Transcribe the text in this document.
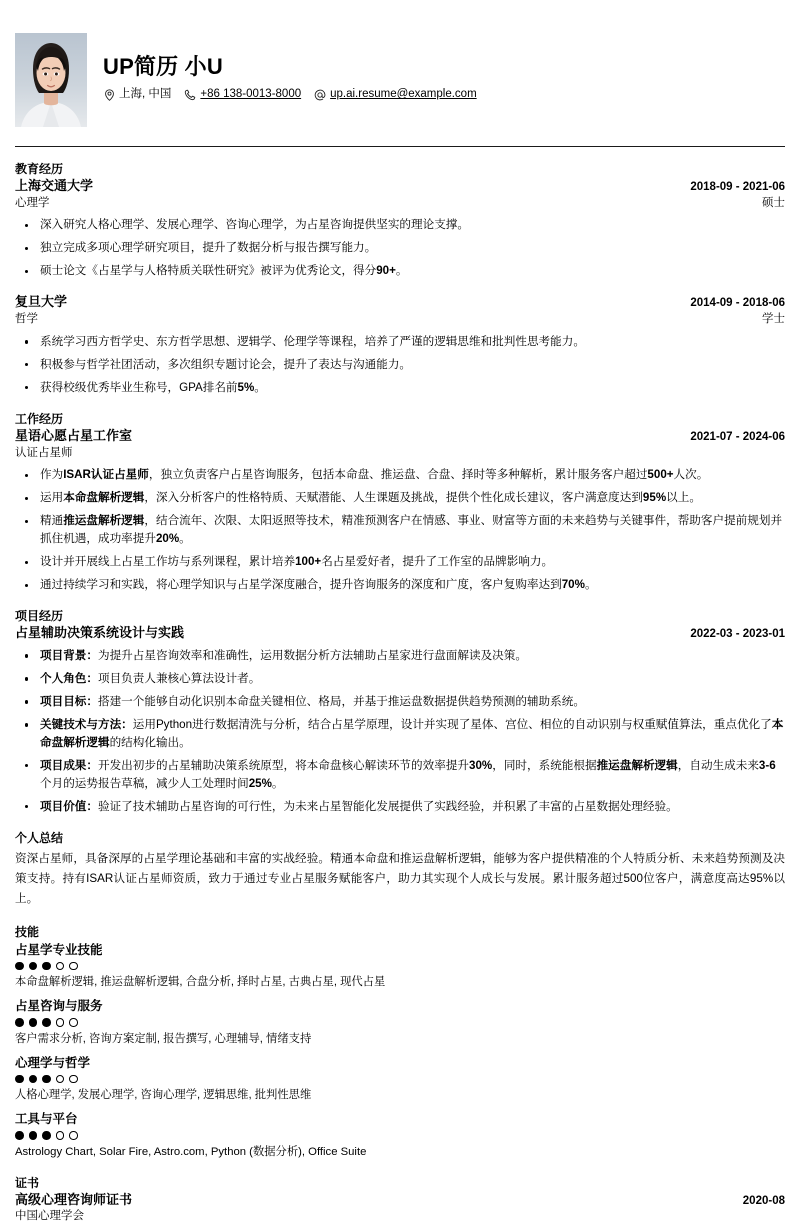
UP简历 小U
上海, 中国	+86 138-0013-8000	up.ai.resume@example.com
教育经历
上海交通大学	2018-09 - 2021-06
心理学	硕士
深入研究人格心理学、发展心理学、咨询心理学，为占星咨询提供坚实的理论支撑。
独立完成多项心理学研究项目，提升了数据分析与报告撰写能力。
硕士论文《占星学与人格特质关联性研究》被评为优秀论文，得分90+。
复旦大学	2014-09 - 2018-06
哲学	学士
系统学习西方哲学史、东方哲学思想、逻辑学、伦理学等课程，培养了严谨的逻辑思维和批判性思考能力。
积极参与哲学社团活动，多次组织专题讨论会，提升了表达与沟通能力。
获得校级优秀毕业生称号，GPA排名前5%。
工作经历
星语心愿占星工作室	2021-07 - 2024-06
认证占星师
作为ISAR认证占星师，独立负责客户占星咨询服务，包括本命盘、推运盘、合盘、择时等多种解析，累计服务客户超过500+人次。
运用本命盘解析逻辑，深入分析客户的性格特质、天赋潜能、人生课题及挑战，提供个性化成长建议，客户满意度达到95%以上。
精通推运盘解析逻辑，结合流年、次限、太阳返照等技术，精准预测客户在情感、事业、财富等方面的未来趋势与关键事件，帮助客户提前规划并抓住机遇，成功率提升20%。
设计并开展线上占星工作坊与系列课程，累计培养100+名占星爱好者，提升了工作室的品牌影响力。
通过持续学习和实践，将心理学知识与占星学深度融合，提升咨询服务的深度和广度，客户复购率达到70%。
项目经历
占星辅助决策系统设计与实践	2022-03 - 2023-01
项目背景：为提升占星咨询效率和准确性，运用数据分析方法辅助占星家进行盘面解读及决策。
个人角色：项目负责人兼核心算法设计者。
项目目标：搭建一个能够自动化识别本命盘关键相位、格局，并基于推运盘数据提供趋势预测的辅助系统。
关键技术与方法：运用Python进行数据清洗与分析，结合占星学原理，设计并实现了星体、宫位、相位的自动识别与权重赋值算法，重点优化了本命盘解析逻辑的结构化输出。
项目成果：开发出初步的占星辅助决策系统原型，将本命盘核心解读环节的效率提升30%，同时，系统能根据推运盘解析逻辑，自动生成未来3-6个月的运势报告草稿，减少人工处理时间25%。
项目价值：验证了技术辅助占星咨询的可行性，为未来占星智能化发展提供了实践经验，并积累了丰富的占星数据处理经验。
个人总结
资深占星师，具备深厚的占星学理论基础和丰富的实战经验。精通本命盘和推运盘解析逻辑，能够为客户提供精准的个人特质分析、未来趋势预测及决策支持。持有ISAR认证占星师资质，致力于通过专业占星服务赋能客户，助力其实现个人成长与发展。累计服务超过500位客户，满意度高达95%以上。
技能
占星学专业技能
本命盘解析逻辑, 推运盘解析逻辑, 合盘分析, 择时占星, 古典占星, 现代占星
占星咨询与服务
客户需求分析, 咨询方案定制, 报告撰写, 心理辅导, 情绪支持
心理学与哲学
人格心理学, 发展心理学, 咨询心理学, 逻辑思维, 批判性思维
工具与平台
Astrology Chart, Solar Fire, Astro.com, Python (数据分析), Office Suite
证书
高级心理咨询师证书	2020-08
中国心理学会
